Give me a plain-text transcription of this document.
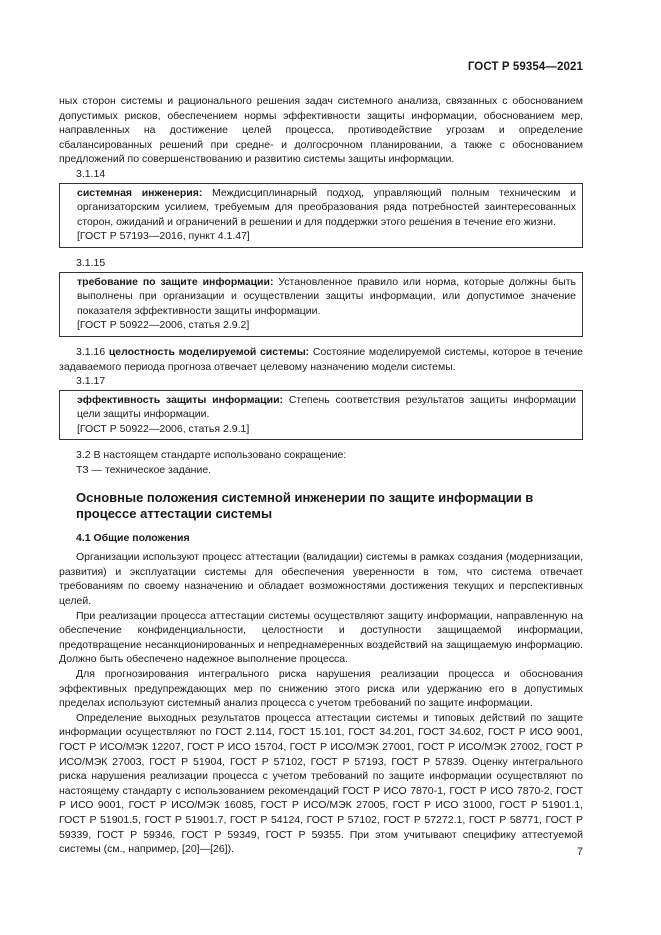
ГОСТ Р 59354—2021

ных сторон системы и рационального решения задач системного анализа, связанных с обоснованием допустимых рисков, обеспечением нормы эффективности защиты информации, обоснованием мер, направленных на достижение целей процесса, противодействие угрозам и определение сбалансированных решений при средне- и долгосрочном планировании, а также с обоснованием предложений по совершенствованию и развитию системы защиты информации.

3.1.14

системная инженерия: Междисциплинарный подход, управляющий полным техническим и организаторским усилием, требуемым для преобразования ряда потребностей заинтересованных сторон, ожиданий и ограничений в решении и для поддержки этого решения в течение его жизни.

[ГОСТ Р 57193—2016, пункт 4.1.47]

3.1.15

требование по защите информации: Установленное правило или норма, которые должны быть выполнены при организации и осуществлении защиты информации, или допустимое значение показателя эффективности защиты информации.

[ГОСТ Р 50922—2006, статья 2.9.2]

3.1.16 целостность моделируемой системы: Состояние моделируемой системы, которое в течение задаваемого периода прогноза отвечает целевому назначению модели системы.

3.1.17

эффективность защиты информации: Степень соответствия результатов защиты информации цели защиты информации.

[ГОСТ Р 50922—2006, статья 2.9.1]

3.2 В настоящем стандарте использовано сокращение:

ТЗ — техническое задание.

Основные положения системной инженерии по защите информации в процессе аттестации системы

4.1 Общие положения

Организации используют процесс аттестации (валидации) системы в рамках создания (модернизации, развития) и эксплуатации системы для обеспечения уверенности в том, что система отвечает требованиям по своему назначению и обладает возможностями достижения текущих и перспективных целей.

При реализации процесса аттестации системы осуществляют защиту информации, направленную на обеспечение конфиденциальности, целостности и доступности защищаемой информации, предотвращение несанкционированных и непреднамеренных воздействий на защищаемую информацию. Должно быть обеспечено надежное выполнение процесса.

Для прогнозирования интегрального риска нарушения реализации процесса и обоснования эффективных предупреждающих мер по снижению этого риска или удержанию его в допустимых пределах используют системный анализ процесса с учетом требований по защите информации.

Определение выходных результатов процесса аттестации системы и типовых действий по защите информации осуществляют по ГОСТ 2.114, ГОСТ 15.101, ГОСТ 34.201, ГОСТ 34.602, ГОСТ Р ИСО 9001, ГОСТ Р ИСО/МЭК 12207, ГОСТ Р ИСО 15704, ГОСТ Р ИСО/МЭК 27001, ГОСТ Р ИСО/МЭК 27002, ГОСТ Р ИСО/МЭК 27003, ГОСТ Р 51904, ГОСТ Р 57102, ГОСТ Р 57193, ГОСТ Р 57839. Оценку интегрального риска нарушения реализации процесса с учетом требований по защите информации осуществляют по настоящему стандарту с использованием рекомендаций ГОСТ Р ИСО 7870-1, ГОСТ Р ИСО 7870-2, ГОСТ Р ИСО 9001, ГОСТ Р ИСО/МЭК 16085, ГОСТ Р ИСО/МЭК 27005, ГОСТ Р ИСО 31000, ГОСТ Р 51901.1, ГОСТ Р 51901.5, ГОСТ Р 51901.7, ГОСТ Р 54124, ГОСТ Р 57102, ГОСТ Р 57272.1, ГОСТ Р 58771, ГОСТ Р 59339, ГОСТ Р 59346, ГОСТ Р 59349, ГОСТ Р 59355. При этом учитывают специфику аттестуемой системы (см., например, [20]—[26]).	7
